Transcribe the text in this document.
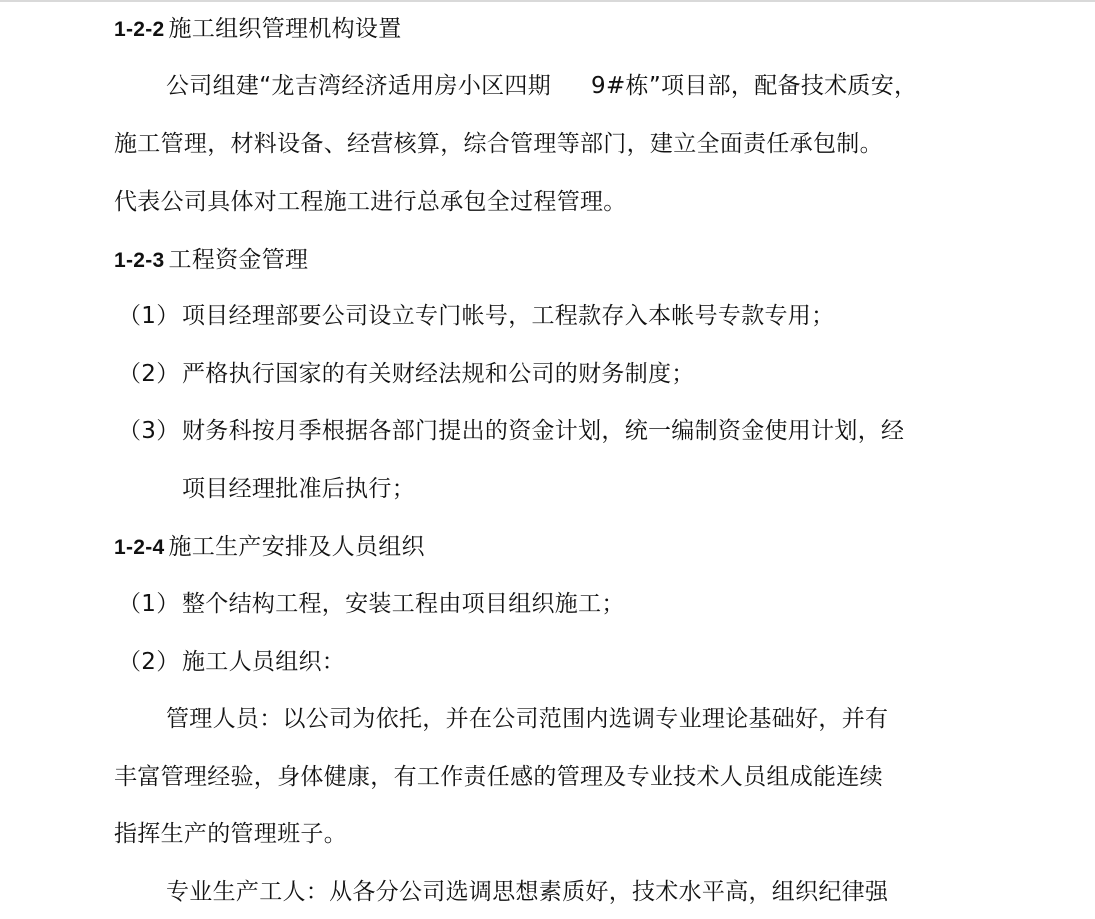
1-2-2 施工组织管理机构设置
公司组建“龙吉湾经济适用房小区四期 9#栋”项目部，配备技术质安，
施工管理，材料设备、经营核算，综合管理等部门，建立全面责任承包制。
代表公司具体对工程施工进行总承包全过程管理。
1-2-3 工程资金管理
（1） 项目经理部要公司设立专门帐号，工程款存入本帐号专款专用；
（2） 严格执行国家的有关财经法规和公司的财务制度；
（3） 财务科按月季根据各部门提出的资金计划，统一编制资金使用计划，经
项目经理批准后执行；
1-2-4 施工生产安排及人员组织
（1） 整个结构工程，安装工程由项目组织施工；
（2） 施工人员组织：
管理人员：以公司为依托，并在公司范围内选调专业理论基础好，并有
丰富管理经验，身体健康，有工作责任感的管理及专业技术人员组成能连续
指挥生产的管理班子。
专业生产工人：从各分公司选调思想素质好，技术水平高，组织纪律强
